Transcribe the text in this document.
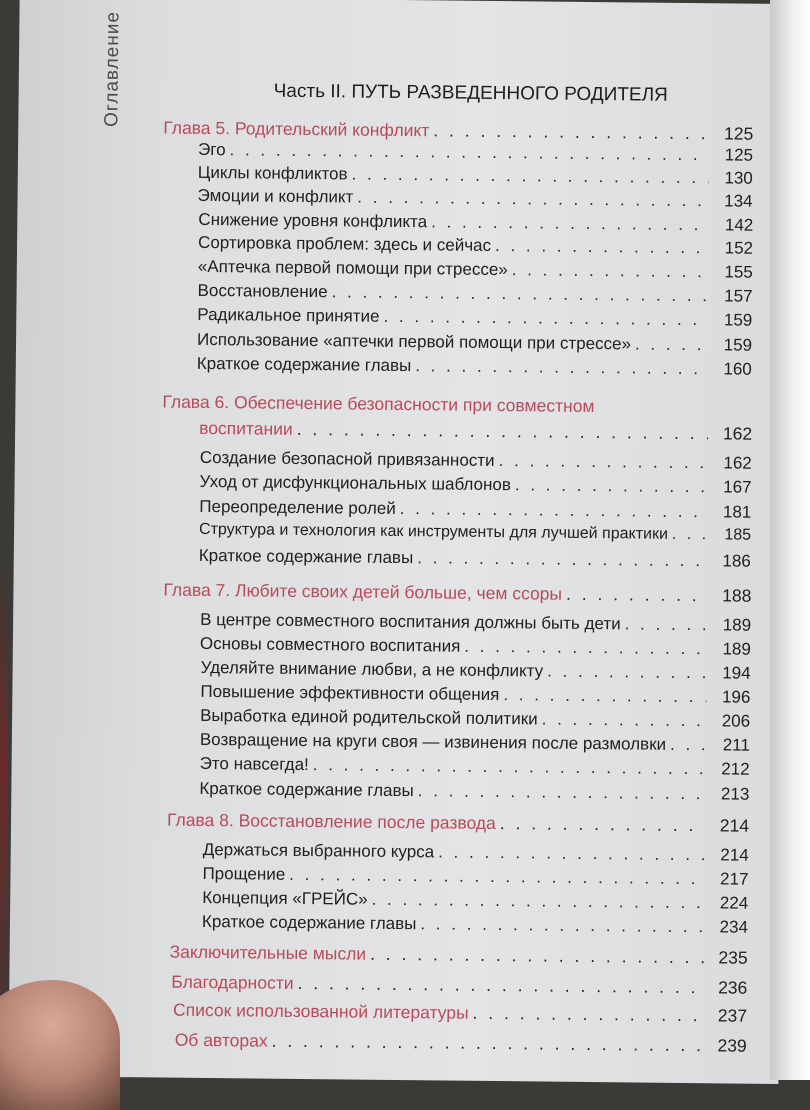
Оглавление	Часть II. ПУТЬ РАЗВЕДЕННОГО РОДИТЕЛЯ
Глава 5. Родительский конфликт . . .	125
Эго . . .	125
Циклы конфликтов . . .	130
Эмоции и конфликт . . .	134
Снижение уровня конфликта . . .	142
Сортировка проблем: здесь и сейчас . . .	152
«Аптечка первой помощи при стрессе» . . .	155
Восстановление . . .	157
Радикальное принятие . . .	159
Использование «аптечки первой помощи при стрессе» . . .	159
Краткое содержание главы . . .	160
Глава 6. Обеспечение безопасности при совместном
воспитании . . .	162
Создание безопасной привязанности . . .	162
Уход от дисфункциональных шаблонов . . .	167
Переопределение ролей . . .	181
Структура и технология как инструменты для лучшей практики . . .	185
Краткое содержание главы . . .	186
Глава 7. Любите своих детей больше, чем ссоры . . .	188
В центре совместного воспитания должны быть дети . . .	189
Основы совместного воспитания . . .	189
Уделяйте внимание любви, а не конфликту . . .	194
Повышение эффективности общения . . .	196
Выработка единой родительской политики . . .	206
Возвращение на круги своя — извинения после размолвки . . .	211
Это навсегда! . . .	212
Краткое содержание главы . . .	213
Глава 8. Восстановление после развода . . .	214
Держаться выбранного курса . . .	214
Прощение . . .	217
Концепция «ГРЕЙС» . . .	224
Краткое содержание главы . . .	234
Заключительные мысли . . .	235
Благодарности . . .	236
Список использованной литературы . . .	237
Об авторах . . .	239
